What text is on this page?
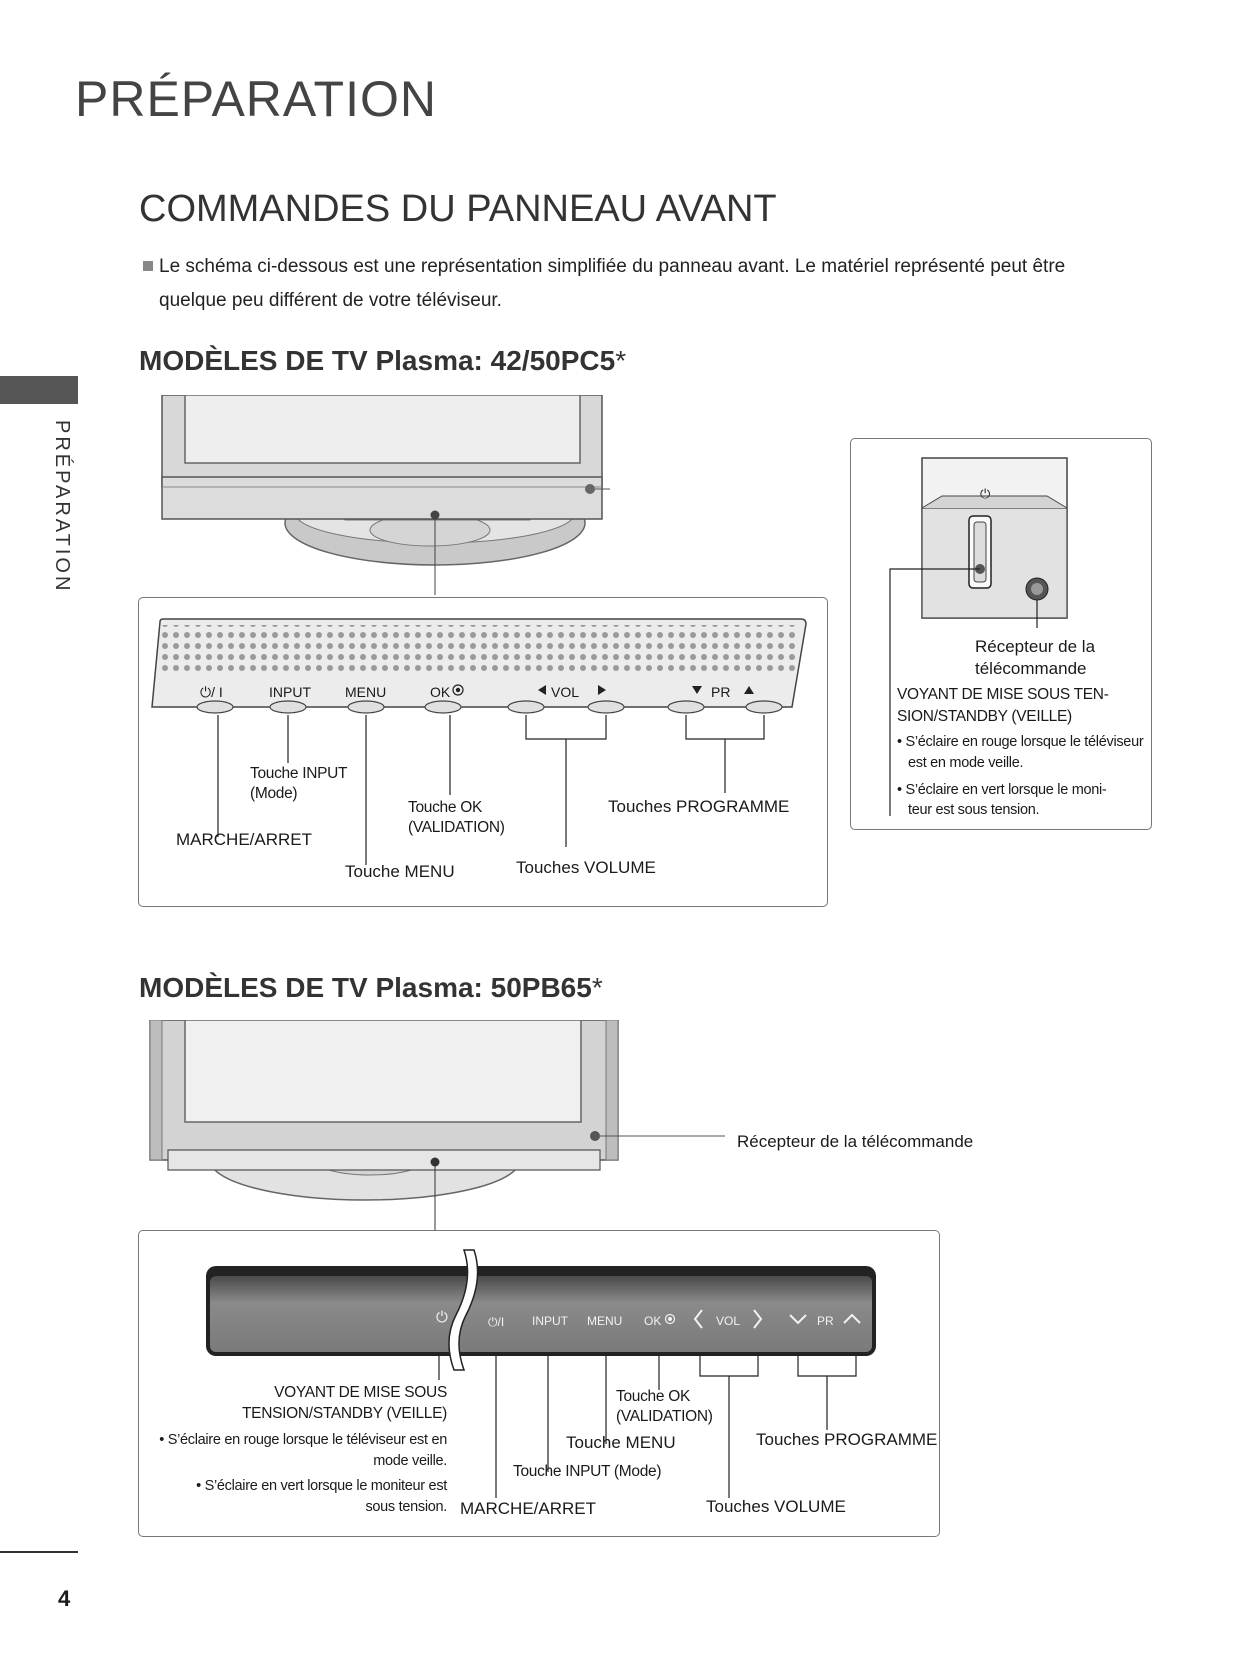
PRÉPARATION
PRÉPARATION
COMMANDES DU PANNEAU AVANT
Le schéma ci-dessous est une représentation simplifiée du panneau avant. Le matériel représenté peut être
quelque peu différent de votre téléviseur.
MODÈLES DE TV Plasma: 42/50PC5*
⏻/ I	INPUT MENU	OK	VOL	PR
Touche INPUT
(Mode)
MARCHE/ARRET
Touche OK
(VALIDATION)
Touche MENU	Touches VOLUME
Touches PROGRAMME
⏻
Récepteur de la
télécommande
VOYANT DE MISE SOUS TEN-
SION/STANDBY (VEILLE)
• S’éclaire en rouge lorsque le téléviseur
est en mode veille.
• S’éclaire en vert lorsque le moni-
teur est sous tension.
MODÈLES DE TV Plasma: 50PB65*
Récepteur de la télécommande
⏻	⏻/I INPUT MENU OK	VOL	PR
VOYANT DE MISE SOUS
TENSION/STANDBY (VEILLE)
• S’éclaire en rouge lorsque le téléviseur est en
mode veille.
• S’éclaire en vert lorsque le moniteur est
sous tension. MARCHE/ARRET
Touche INPUT (Mode)
Touche MENU
Touche OK
(VALIDATION)
Touches PROGRAMME
Touches VOLUME
4
